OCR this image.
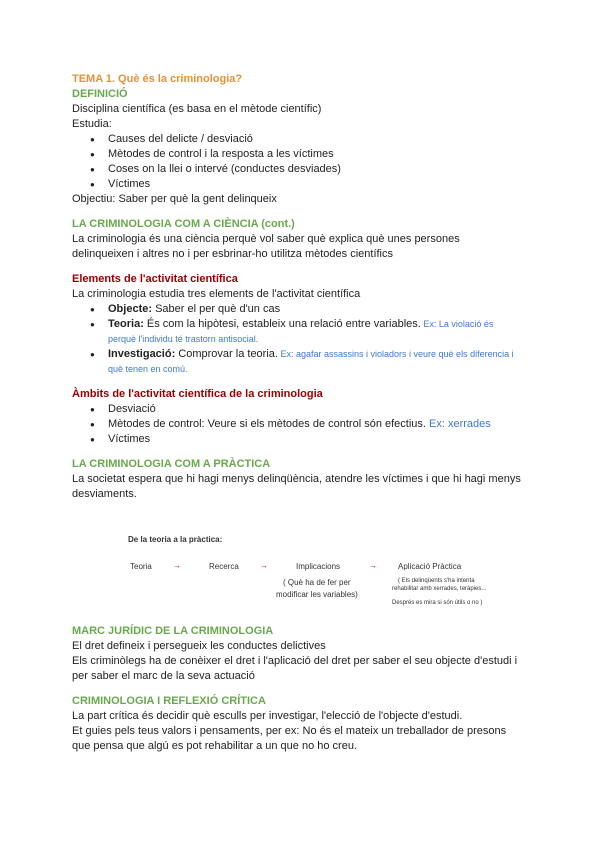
TEMA 1. Què és la criminologia?
DEFINICIÓ
Disciplina científica (es basa en el mètode científic)
Estudia:
● Causes del delicte / desviació
● Mètodes de control i la resposta a les víctimes
● Coses on la llei o intervé (conductes desviades)
● Víctimes
Objectiu: Saber per què la gent delinqueix
LA CRIMINOLOGIA COM A CIÈNCIA (cont.)
La criminologia és una ciència perquè vol saber què explica què unes persones
delinqueixen i altres no i per esbrinar-ho utilitza mètodes científics
Elements de l'activitat científica
La criminologia estudia tres elements de l'activitat científica
● Objecte: Saber el per què d'un cas
● Teoria: És com la hipòtesi, estableix una relació entre variables. Ex: La violació és
perquè l'individu té trastorn antisocial.
● Investigació: Comprovar la teoria. Ex: agafar assassins i violadors i veure què els diferencia i
què tenen en comú.
Àmbits de l'activitat científica de la criminologia
● Desviació
● Mètodes de control: Veure si els mètodes de control són efectius. Ex: xerrades
● Víctimes
LA CRIMINOLOGIA COM A PRÀCTICA
La societat espera que hi hagi menys delinqüència, atendre les víctimes i que hi hagi menys
desviaments.
De la teoria a la pràctica:
Teoria	→	Recerca	→	Implicacions	→	Aplicació Pràctica
( Què ha de fer per
modificar les variables)
( Els delinqüents s'ha intenta
rehabilitar amb xerrades, teràpies...
Després es mira si són útils o no )
MARC JURÍDIC DE LA CRIMINOLOGIA
El dret defineix i persegueix les conductes delictives
Els criminòlegs ha de conèixer el dret i l'aplicació del dret per saber el seu objecte d'estudi i
per saber el marc de la seva actuació
CRIMINOLOGIA I REFLEXIÓ CRÍTICA
La part crítica és decidir què esculls per investigar, l'elecció de l'objecte d'estudi.
Et guies pels teus valors i pensaments, per ex: No és el mateix un treballador de presons
que pensa que algú es pot rehabilitar a un que no ho creu.
